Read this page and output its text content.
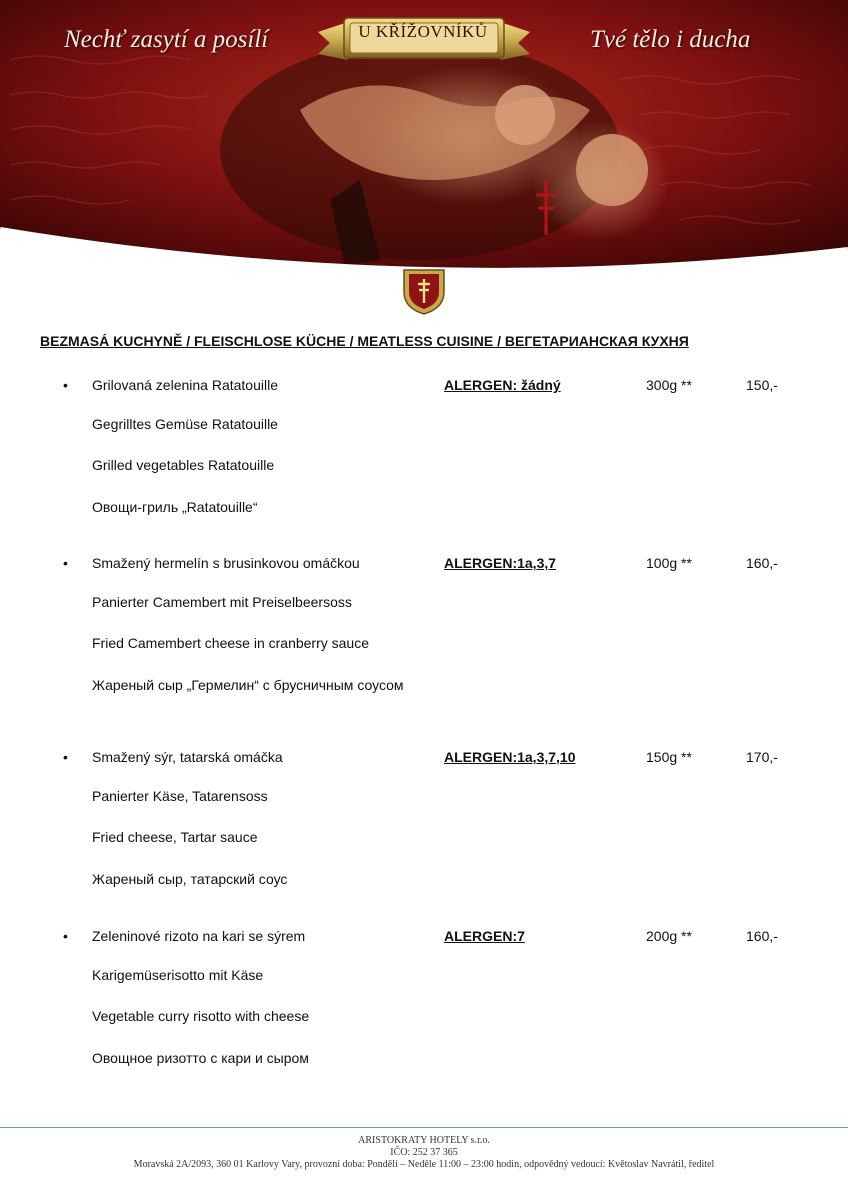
Nechť zasytí a posílí	U KŘÍŽOVNÍKŮ	Tvé tělo i ducha
BEZMASÁ KUCHYNĚ / FLEISCHLOSE KÜCHE / MEATLESS CUISINE / ВЕГЕТАРИАНСКАЯ КУХНЯ
• Grilovaná zelenina Ratatouille
Gegrilltes Gemüse Ratatouille
Grilled vegetables Ratatouille
Овощи-гриль „Ratatouille“
ALERGEN: žádný	300g **	150,-
• Smažený hermelín s brusinkovou omáčkou
Panierter Camembert mit Preiselbeersoss
Fried Camembert cheese in cranberry sauce
Жареный сыр „Гермелин“ с брусничным соусом
ALERGEN:1a,3,7	100g **	160,-
• Smažený sýr, tatarská omáčka
Panierter Käse, Tatarensoss
Fried cheese, Tartar sauce
Жареный сыр, татарский соус
ALERGEN:1a,3,7,10	150g **	170,-
• Zeleninové rizoto na kari se sýrem
Karigemüserisotto mit Käse
Vegetable curry risotto with cheese
Овощное ризотто с кари и сыром
ALERGEN:7	200g **	160,-
ARISTOKRATY HOTELY s.r.o.
IČO: 252 37 365
Moravská 2A/2093, 360 01 Karlovy Vary, provozní doba: Pondělí – Neděle 11:00 – 23:00 hodin, odpovědný vedoucí: Květoslav Navrátil, ředitel
